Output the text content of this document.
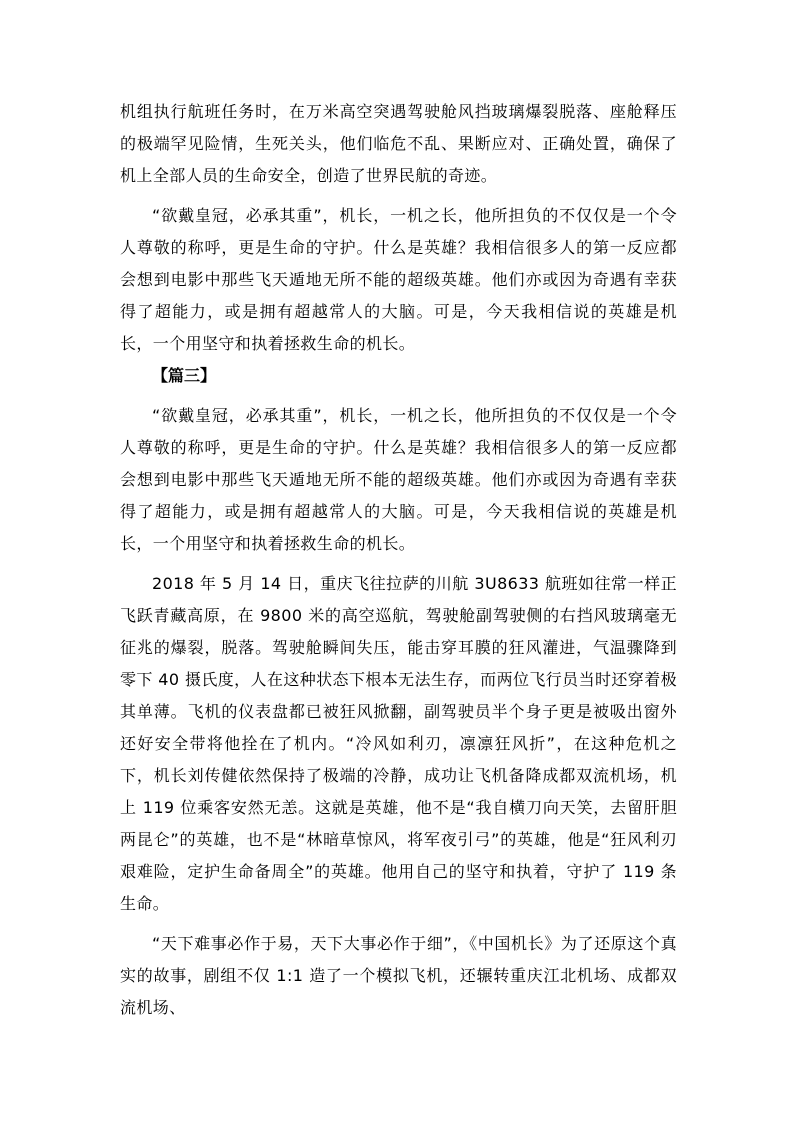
机组执行航班任务时，在万米高空突遇驾驶舱风挡玻璃爆裂脱落、座舱释压的极端罕见险情，生死关头，他们临危不乱、果断应对、正确处置，确保了机上全部人员的生命安全，创造了世界民航的奇迹。

“欲戴皇冠，必承其重”，机长，一机之长，他所担负的不仅仅是一个令人尊敬的称呼，更是生命的守护。什么是英雄？我相信很多人的第一反应都会想到电影中那些飞天遁地无所不能的超级英雄。他们亦或因为奇遇有幸获得了超能力，或是拥有超越常人的大脑。可是，今天我相信说的英雄是机长，一个用坚守和执着拯救生命的机长。

【篇三】

“欲戴皇冠，必承其重”，机长，一机之长，他所担负的不仅仅是一个令人尊敬的称呼，更是生命的守护。什么是英雄？我相信很多人的第一反应都会想到电影中那些飞天遁地无所不能的超级英雄。他们亦或因为奇遇有幸获得了超能力，或是拥有超越常人的大脑。可是，今天我相信说的英雄是机长，一个用坚守和执着拯救生命的机长。

2018 年 5 月 14 日，重庆飞往拉萨的川航 3U8633 航班如往常一样正飞跃青藏高原，在 9800 米的高空巡航，驾驶舱副驾驶侧的右挡风玻璃毫无征兆的爆裂，脱落。驾驶舱瞬间失压，能击穿耳膜的狂风灌进，气温骤降到零下 40 摄氏度，人在这种状态下根本无法生存，而两位飞行员当时还穿着极其单薄。飞机的仪表盘都已被狂风掀翻，副驾驶员半个身子更是被吸出窗外还好安全带将他拴在了机内。“冷风如利刃，凛凛狂风折”，在这种危机之下，机长刘传健依然保持了极端的冷静，成功让飞机备降成都双流机场，机上 119 位乘客安然无恙。这就是英雄，他不是“我自横刀向天笑，去留肝胆两昆仑”的英雄，也不是“林暗草惊风，将军夜引弓”的英雄，他是“狂风利刃艰难险，定护生命备周全”的英雄。他用自己的坚守和执着，守护了 119 条生命。

“天下难事必作于易，天下大事必作于细”，《中国机长》为了还原这个真实的故事，剧组不仅 1:1 造了一个模拟飞机，还辗转重庆江北机场、成都双流机场、
